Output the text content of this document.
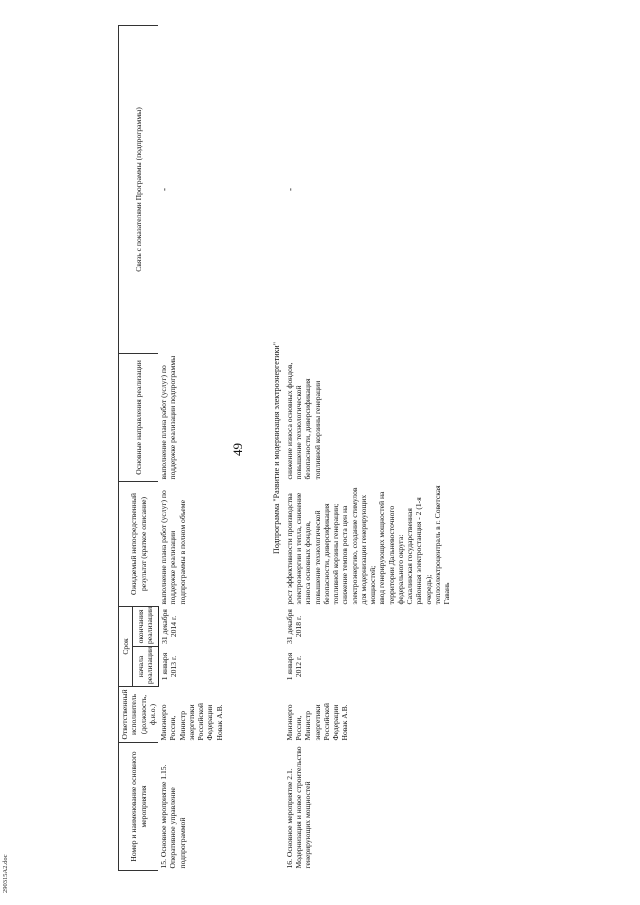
290315A2.doc
49
Номер и наименование основного мероприятия	Ответственный исполнитель (должность, ф.и.о.)	Срок		Ожидаемый непосредственный результат (краткое описание)	Основные направления реализации	Связь с показателями Программы (подпрограммы)
		начала реализации	окончания реализации			
15. Основное мероприятие 1.15. Оперативное управление подпрограммой	Минэнерго России, Министр энергетики Российской Федерации Новак А.В.	1 января 2013 г.	31 декабря 2014 г.	выполнение плана работ (услуг) по поддержке реализации подпрограммы в полном объеме	выполнение плана работ (услуг) по поддержке реализации подпрограммы	-
Подпрограмма "Развитие и модернизация электроэнергетики"						
16. Основное мероприятие 2.1. Модернизация и новое строительство генерирующих мощностей	Минэнерго России, Министр энергетики Российской Федерации Новак А.В.	1 января 2012 г.	31 декабря 2018 г.	рост эффективности производства электроэнергии и тепла, снижение износа основных фондов, повышение технологической безопасности, диверсификация топливной корзины генерации; снижение темпов роста цен на электроэнергию, создание стимулов для модернизации генерирующих мощностей; ввод генерирующих мощностей на территории Дальневосточного федерального округа: Сахалинская государственная районная электростанция - 2 (1-я очередь); теплоэлектроцентраль в г. Советская Гавань	снижение износа основных фондов, повышение технологической безопасности, диверсификация топливной корзины генерации	-
